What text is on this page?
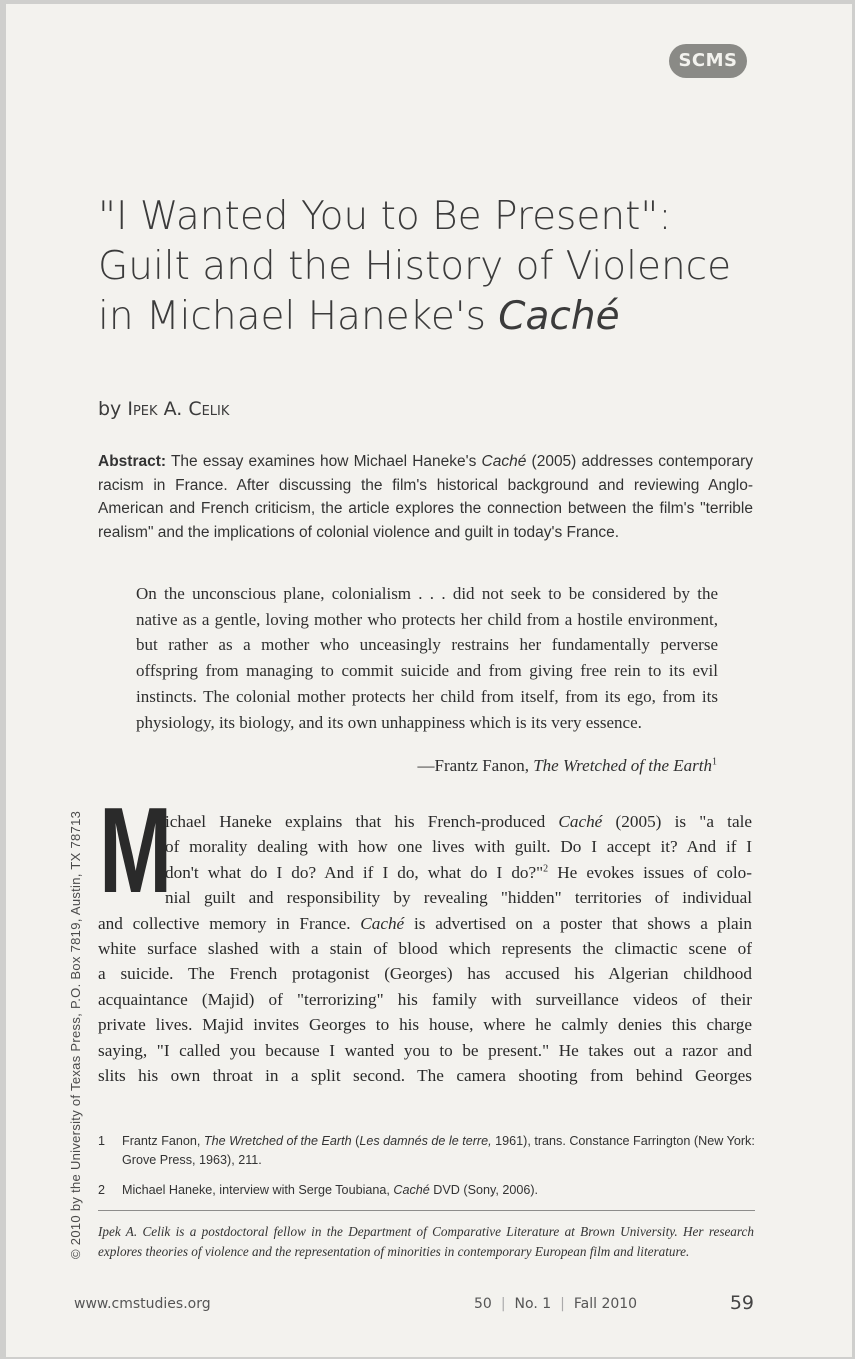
SCMS
"I Wanted You to Be Present":
Guilt and the History of Violence
in Michael Haneke's Caché
by Ipek A. Celik
Abstract: The essay examines how Michael Haneke's Caché (2005) addresses contemporary racism in France. After discussing the film's historical background and reviewing Anglo-American and French criticism, the article explores the connection between the film's "terrible realism" and the implications of colonial violence and guilt in today's France.
On the unconscious plane, colonialism . . . did not seek to be considered by the native as a gentle, loving mother who protects her child from a hostile environment, but rather as a mother who unceasingly restrains her fundamentally perverse offspring from managing to commit suicide and from giving free rein to its evil instincts. The colonial mother protects her child from itself, from its ego, from its physiology, its biology, and its own unhappiness which is its very essence.
—Frantz Fanon, The Wretched of the Earth$^1$
M
ichael Haneke explains that his French-produced Caché (2005) is "a tale
of morality dealing with how one lives with guilt. Do I accept it? And if I
don't what do I do? And if I do, what do I do?"$^2$ He evokes issues of colo-
nial guilt and responsibility by revealing "hidden" territories of individual
and collective memory in France. Caché is advertised on a poster that shows a plain
white surface slashed with a stain of blood which represents the climactic scene of
a suicide. The French protagonist (Georges) has accused his Algerian childhood
acquaintance (Majid) of "terrorizing" his family with surveillance videos of their
private lives. Majid invites Georges to his house, where he calmly denies this charge
saying, "I called you because I wanted you to be present." He takes out a razor and
slits his own throat in a split second. The camera shooting from behind Georges
© 2010 by the University of Texas Press, P.O. Box 7819, Austin, TX 78713 1 Frantz Fanon, The Wretched of the Earth (Les damnés de le terre, 1961), trans. Constance Farrington (New York: Grove Press, 1963), 211.
2 Michael Haneke, interview with Serge Toubiana, Caché DVD (Sony, 2006).
Ipek A. Celik is a postdoctoral fellow in the Department of Comparative Literature at Brown University. Her research explores theories of violence and the representation of minorities in contemporary European film and literature.
www.cmstudies.org	50 | No. 1 | Fall 2010	59
